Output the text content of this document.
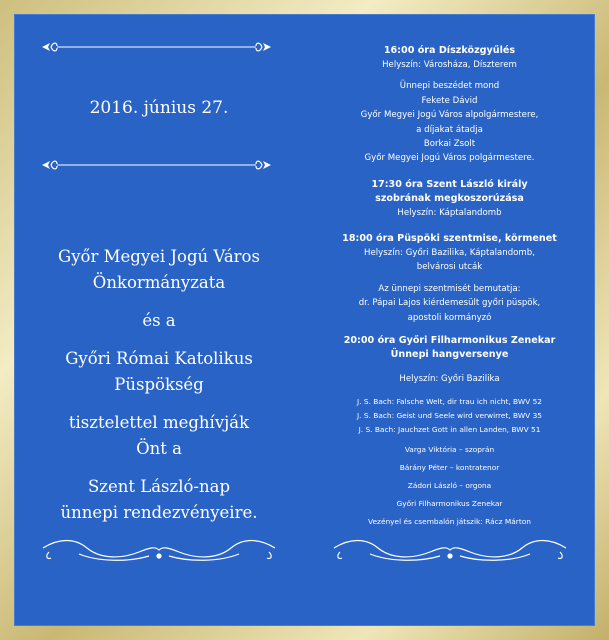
2016. június 27.
Győr Megyei Jogú Város
Önkormányzata
és a
Győri Római Katolikus
Püspökség
tisztelettel meghívják
Önt a
Szent László-nap
ünnepi rendezvényeire.
16:00 óra Díszközgyűlés
Helyszín: Városháza, Díszterem
Ünnepi beszédet mond
Fekete Dávid
Győr Megyei Jogú Város alpolgármestere,
a díjakat átadja
Borkai Zsolt
Győr Megyei Jogú Város polgármestere.
17:30 óra Szent László király
szobrának megkoszorúzása
Helyszín: Káptalandomb
18:00 óra Püspöki szentmise, körmenet
Helyszín: Győri Bazilika, Káptalandomb,
belvárosi utcák
Az ünnepi szentmisét bemutatja:
dr. Pápai Lajos kiérdemesült győri püspök,
apostoli kormányzó
20:00 óra Győri Filharmonikus Zenekar
Ünnepi hangversenye
Helyszín: Győri Bazilika
J. S. Bach: Falsche Welt, dir trau ich nicht, BWV 52
J. S. Bach: Geist und Seele wird verwirret, BWV 35
J. S. Bach: Jauchzet Gott in allen Landen, BWV 51
Varga Viktória – szoprán
Bárány Péter – kontratenor
Zádori László – orgona
Győri Filharmonikus Zenekar
Vezényel és csembalón játszik: Rácz Márton
